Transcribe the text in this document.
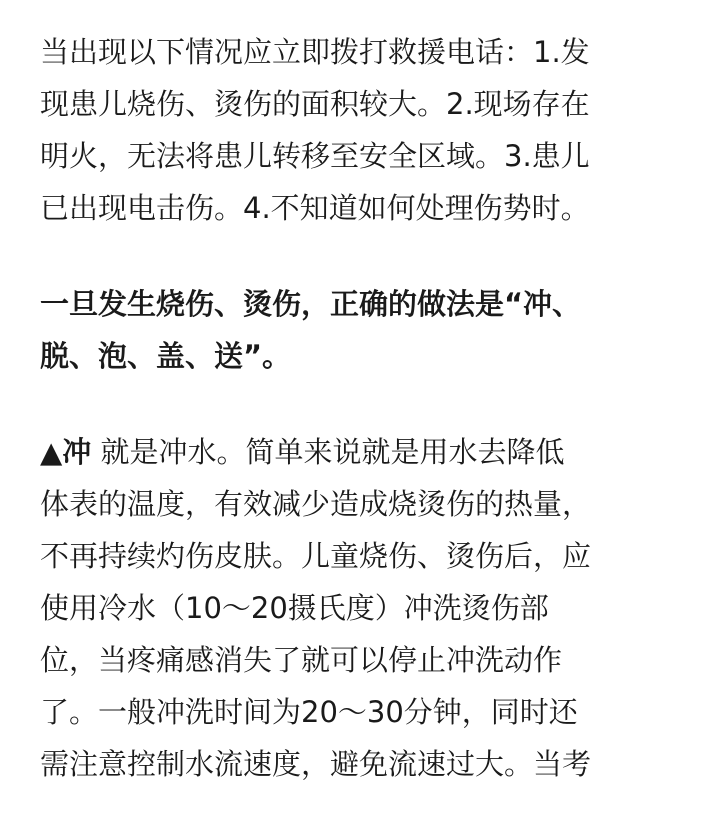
当出现以下情况应立即拨打救援电话：1.发
现患儿烧伤、烫伤的面积较大。2.现场存在
明火，无法将患儿转移至安全区域。3.患儿
已出现电击伤。4.不知道如何处理伤势时。

一旦发生烧伤、烫伤，正确的做法是“冲、
脱、泡、盖、送”。

▲冲 就是冲水。简单来说就是用水去降低
体表的温度，有效减少造成烧烫伤的热量，
不再持续灼伤皮肤。儿童烧伤、烫伤后，应
使用冷水（10～20摄氏度）冲洗烫伤部
位，当疼痛感消失了就可以停止冲洗动作
了。一般冲洗时间为20～30分钟，同时还
需注意控制水流速度，避免流速过大。当考
